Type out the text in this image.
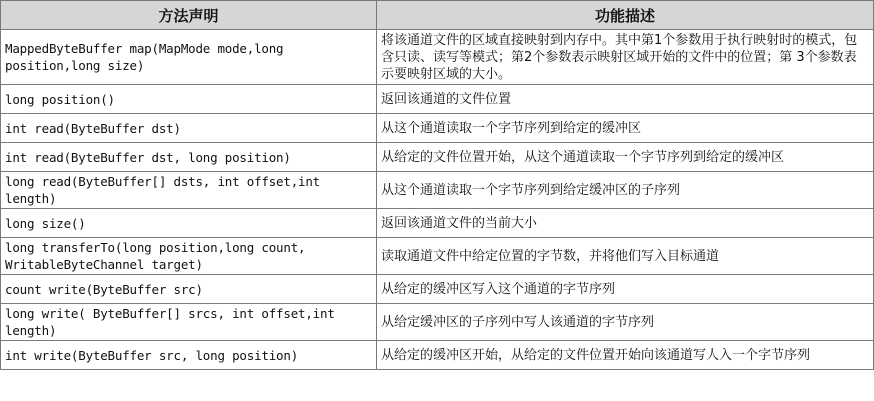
方法声明	功能描述
MappedByteBuffer map(MapMode mode,long position,long size)	将该通道文件的区域直接映射到内存中。其中第1个参数用于执行映射时的模式，包含只读、读写等模式；第2个参数表示映射区域开始的文件中的位置；第 3个参数表示要映射区域的大小。
long position()	返回该通道的文件位置
int read(ByteBuffer dst)	从这个通道读取一个字节序列到给定的缓冲区
int read(ByteBuffer dst, long position)	从给定的文件位置开始，从这个通道读取一个字节序列到给定的缓冲区
long read(ByteBuffer[] dsts, int offset,int length)	从这个通道读取一个字节序列到给定缓冲区的子序列
long size()	返回该通道文件的当前大小
long transferTo(long position,long count, WritableByteChannel target)	读取通道文件中给定位置的字节数，并将他们写入目标通道
count write(ByteBuffer src)	从给定的缓冲区写入这个通道的字节序列
long write( ByteBuffer[] srcs, int offset,int length)	从给定缓冲区的子序列中写人该通道的字节序列
int write(ByteBuffer src, long position)	从给定的缓冲区开始，从给定的文件位置开始向该通道写人入一个字节序列
